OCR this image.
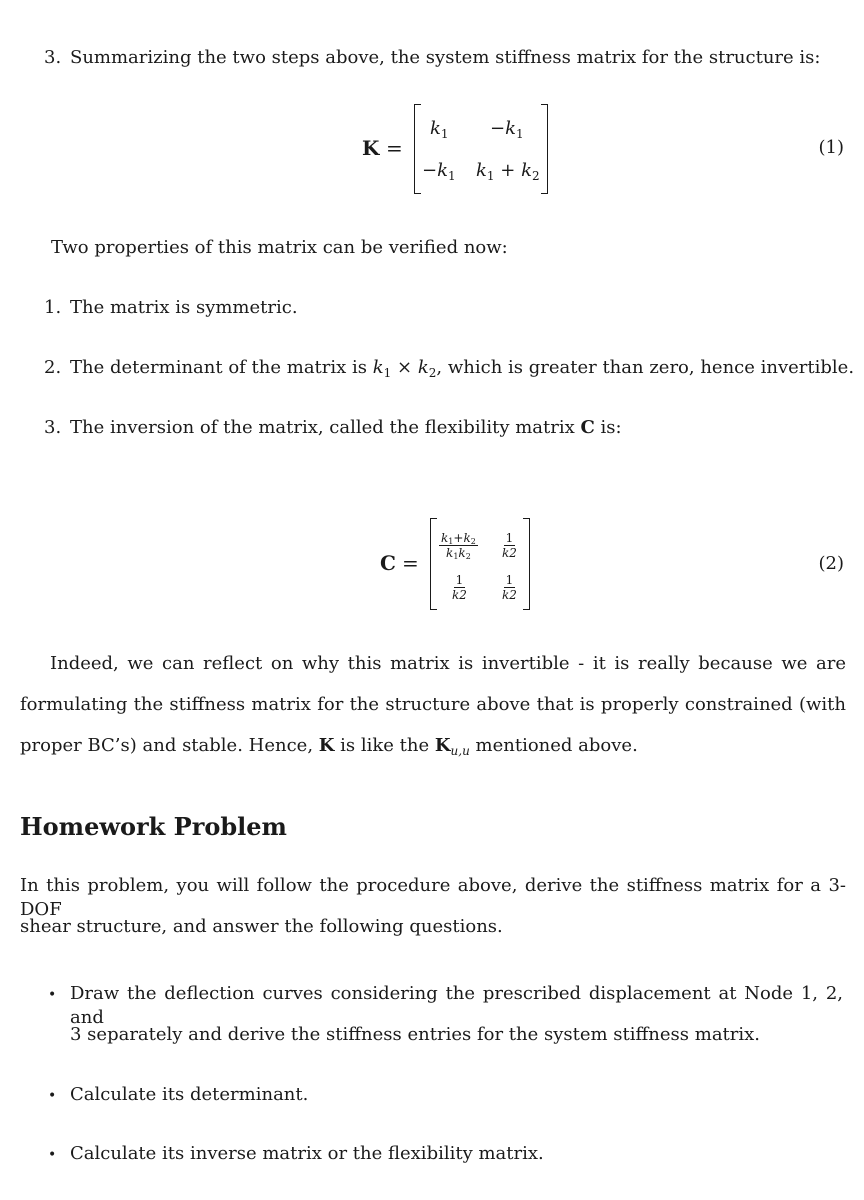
3. Summarizing the two steps above, the system stiffness matrix for the structure is:
K =
$k_1 -k_1$
$-k_1$ $k_1 + k_2$
(1)
Two properties of this matrix can be verified now:
1. The matrix is symmetric.
2. The determinant of the matrix is $k_1 \times k_2$, which is greater than zero, hence invertible.
3. The inversion of the matrix, called the flexibility matrix C is:
C =
$\frac{k_1+k_2}{k_1k_2} \frac{1}{k2}$
$\frac{1}{k2}$	$\frac{1}{k2}$
(2)
Indeed, we can reflect on why this matrix is invertible - it is really because we are
formulating the stiffness matrix for the structure above that is properly constrained (with
proper BC’s) and stable. Hence, K is like the $K_{u,u}$ mentioned above.
Homework Problem
In this problem, you will follow the procedure above, derive the stiffness matrix for a 3-DOF
shear structure, and answer the following questions.
• Draw the deflection curves considering the prescribed displacement at Node 1, 2, and
3 separately and derive the stiffness entries for the system stiffness matrix.
• Calculate its determinant.
• Calculate its inverse matrix or the flexibility matrix.
